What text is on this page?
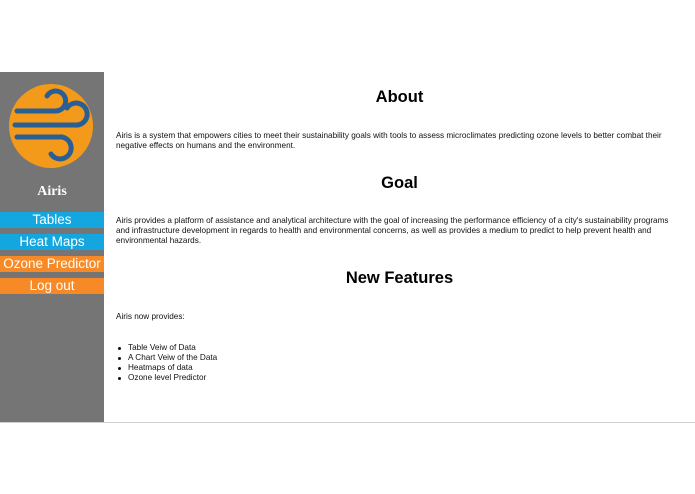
Airis
Tables
Heat Maps
Ozone Predictor
Log out
About
Airis is a system that empowers cities to meet their sustainability goals with tools to assess microclimates predicting ozone levels to better combat their negative effects on humans and the environment.
Goal
Airis provides a platform of assistance and analytical architecture with the goal of increasing the performance efficiency of a city's sustainability programs and infrastructure development in regards to health and environmental concerns, as well as provides a medium to predict to help prevent health and environmental hazards.
New Features
Airis now provides:
Table Veiw of Data
A Chart Veiw of the Data
Heatmaps of data
Ozone level Predictor
